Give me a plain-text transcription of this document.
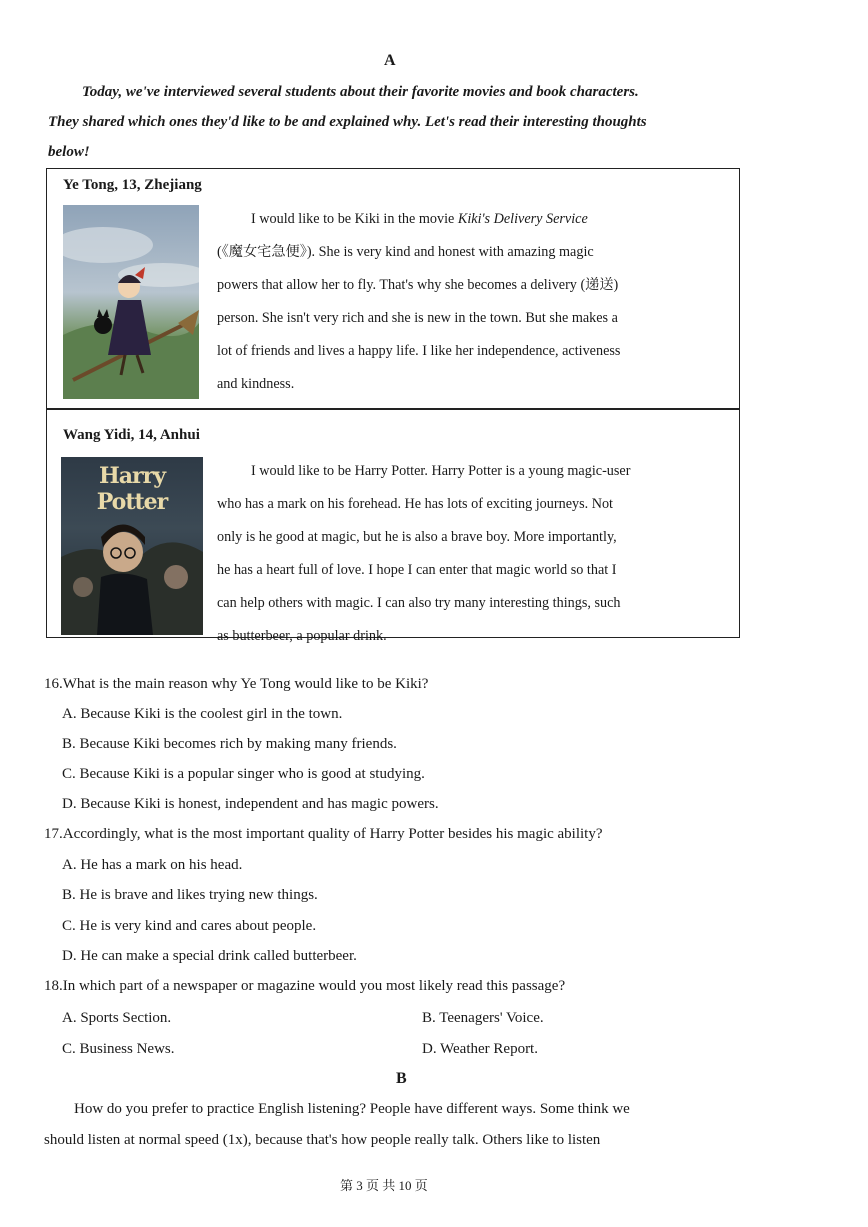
A
Today, we've interviewed several students about their favorite movies and book characters.
They shared which ones they'd like to be and explained why. Let's read their interesting thoughts
below!
Ye Tong, 13, Zhejiang
I would like to be Kiki in the movie Kiki's Delivery Service
(《魔女宅急便》). She is very kind and honest with amazing magic
powers that allow her to fly. That's why she becomes a delivery (递送)
person. She isn't very rich and she is new in the town. But she makes a
lot of friends and lives a happy life. I like her independence, activeness
and kindness.
Wang Yidi, 14, Anhui
Harry Potter
I would like to be Harry Potter. Harry Potter is a young magic-user
who has a mark on his forehead. He has lots of exciting journeys. Not
only is he good at magic, but he is also a brave boy. More importantly,
he has a heart full of love. I hope I can enter that magic world so that I
can help others with magic. I can also try many interesting things, such
as butterbeer, a popular drink.
16.What is the main reason why Ye Tong would like to be Kiki?
A. Because Kiki is the coolest girl in the town.
B. Because Kiki becomes rich by making many friends.
C. Because Kiki is a popular singer who is good at studying.
D. Because Kiki is honest, independent and has magic powers.
17.Accordingly, what is the most important quality of Harry Potter besides his magic ability?
A. He has a mark on his head.
B. He is brave and likes trying new things.
C. He is very kind and cares about people.
D. He can make a special drink called butterbeer.
18.In which part of a newspaper or magazine would you most likely read this passage?
A. Sports Section.	B. Teenagers' Voice.
C. Business News.	D. Weather Report.
B
How do you prefer to practice English listening? People have different ways. Some think we
should listen at normal speed (1x), because that's how people really talk. Others like to listen
第 3 页 共 10 页
